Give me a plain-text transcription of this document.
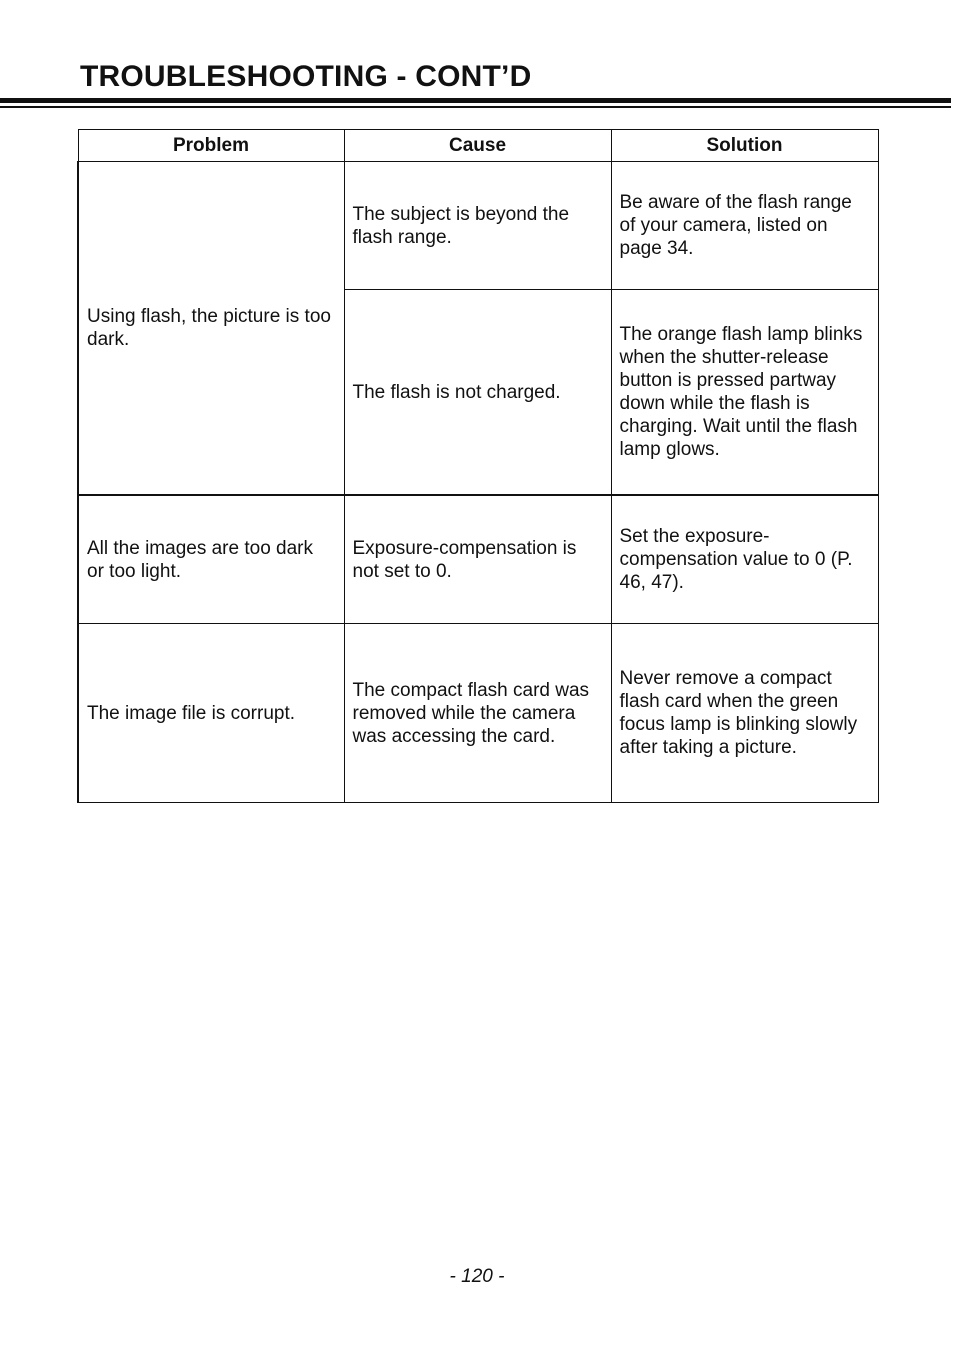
TROUBLESHOOTING - CONT’D
Problem	Cause	Solution
Using flash, the picture is too dark.	The subject is beyond the flash range.	Be aware of the flash range of your camera, listed on page 34.
	The flash is not charged.	The orange flash lamp blinks when the shutter-release button is pressed partway down while the flash is charging. Wait until the flash lamp glows.
All the images are too dark or too light.	Exposure-compensation is not set to 0.	Set the exposure-compensation value to 0 (P. 46, 47).
The image file is corrupt.	The compact flash card was removed while the camera was accessing the card.	Never remove a compact flash card when the green focus lamp is blinking slowly after taking a picture.
- 120 -
